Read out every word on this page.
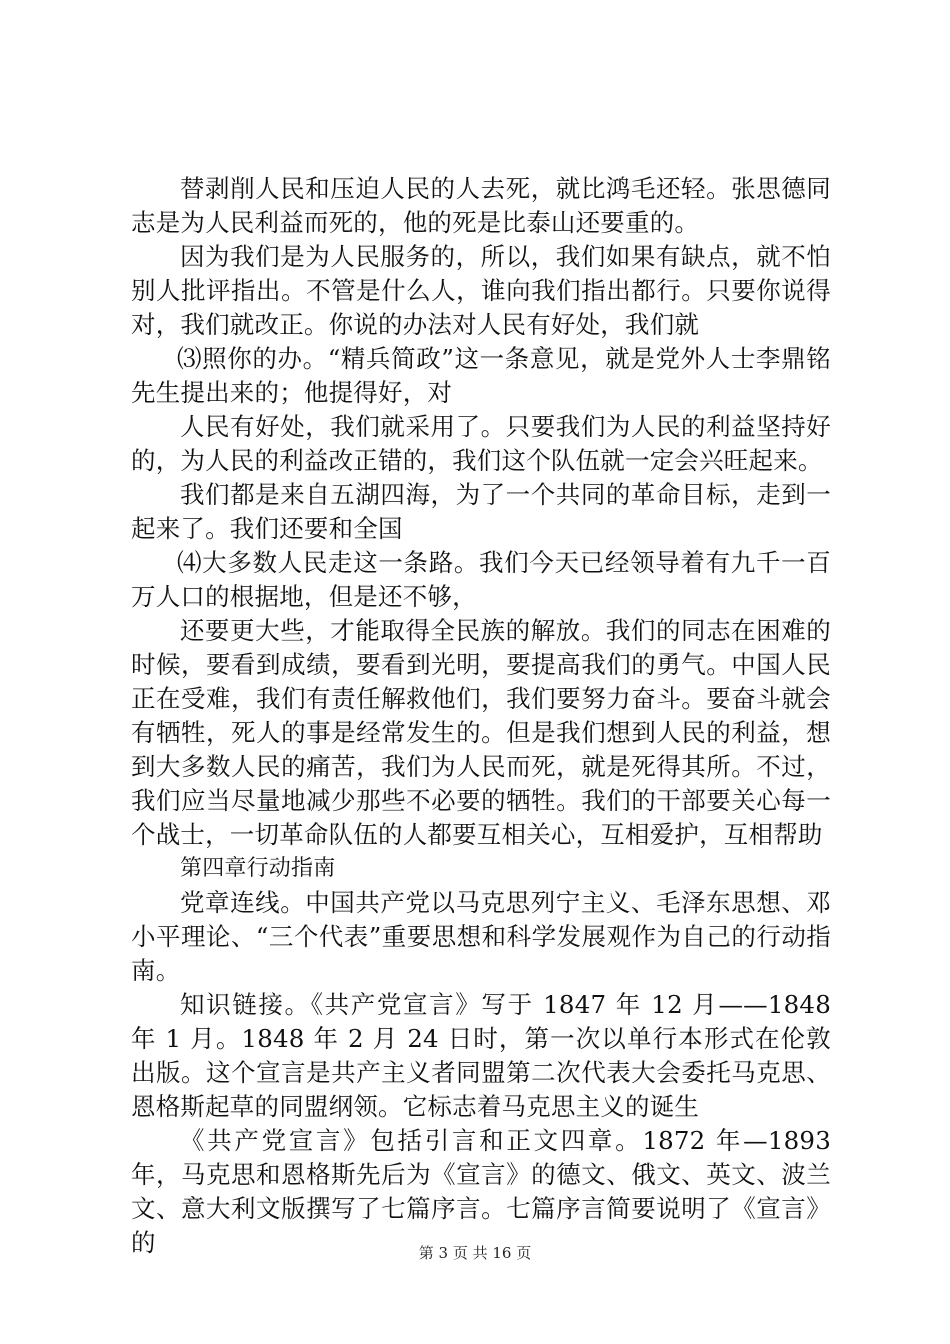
替剥削人民和压迫人民的人去死，就比鸿毛还轻。张思德同志是为人民利益而死的，他的死是比泰山还要重的。

因为我们是为人民服务的，所以，我们如果有缺点，就不怕别人批评指出。不管是什么人，谁向我们指出都行。只要你说得对，我们就改正。你说的办法对人民有好处，我们就

⑶照你的办。“精兵简政”这一条意见，就是党外人士李鼎铭先生提出来的；他提得好，对

人民有好处，我们就采用了。只要我们为人民的利益坚持好的，为人民的利益改正错的，我们这个队伍就一定会兴旺起来。

我们都是来自五湖四海，为了一个共同的革命目标，走到一起来了。我们还要和全国

⑷大多数人民走这一条路。我们今天已经领导着有九千一百万人口的根据地，但是还不够，

还要更大些，才能取得全民族的解放。我们的同志在困难的时候，要看到成绩，要看到光明，要提高我们的勇气。中国人民正在受难，我们有责任解救他们，我们要努力奋斗。要奋斗就会有牺牲，死人的事是经常发生的。但是我们想到人民的利益，想到大多数人民的痛苦，我们为人民而死，就是死得其所。不过，我们应当尽量地减少那些不必要的牺牲。我们的干部要关心每一个战士，一切革命队伍的人都要互相关心，互相爱护，互相帮助

第四章行动指南

党章连线。中国共产党以马克思列宁主义、毛泽东思想、邓小平理论、“三个代表”重要思想和科学发展观作为自己的行动指南。

知识链接。《共产党宣言》写于 1847 年 12 月——1848 年 1 月。1848 年 2 月 24 日时，第一次以单行本形式在伦敦出版。这个宣言是共产主义者同盟第二次代表大会委托马克思、恩格斯起草的同盟纲领。它标志着马克思主义的诞生

《共产党宣言》包括引言和正文四章。1872 年—1893 年，马克思和恩格斯先后为《宣言》的德文、俄文、英文、波兰文、意大利文版撰写了七篇序言。七篇序言简要说明了《宣言》的	第 3 页 共 16 页
